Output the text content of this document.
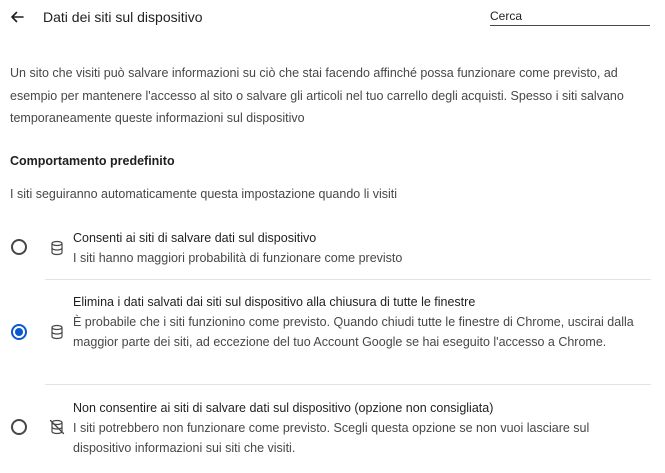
Dati dei siti sul dispositivo
Cerca

Un sito che visiti può salvare informazioni su ciò che stai facendo affinché possa funzionare come previsto, ad esempio per mantenere l'accesso al sito o salvare gli articoli nel tuo carrello degli acquisti. Spesso i siti salvano temporaneamente queste informazioni sul dispositivo

Comportamento predefinito
I siti seguiranno automaticamente questa impostazione quando li visiti
Consenti ai siti di salvare dati sul dispositivo
I siti hanno maggiori probabilità di funzionare come previsto
Elimina i dati salvati dai siti sul dispositivo alla chiusura di tutte le finestre
È probabile che i siti funzionino come previsto. Quando chiudi tutte le finestre di Chrome, uscirai dalla maggior parte dei siti, ad eccezione del tuo Account Google se hai eseguito l'accesso a Chrome.
Non consentire ai siti di salvare dati sul dispositivo (opzione non consigliata)
I siti potrebbero non funzionare come previsto. Scegli questa opzione se non vuoi lasciare sul dispositivo informazioni sui siti che visiti.
